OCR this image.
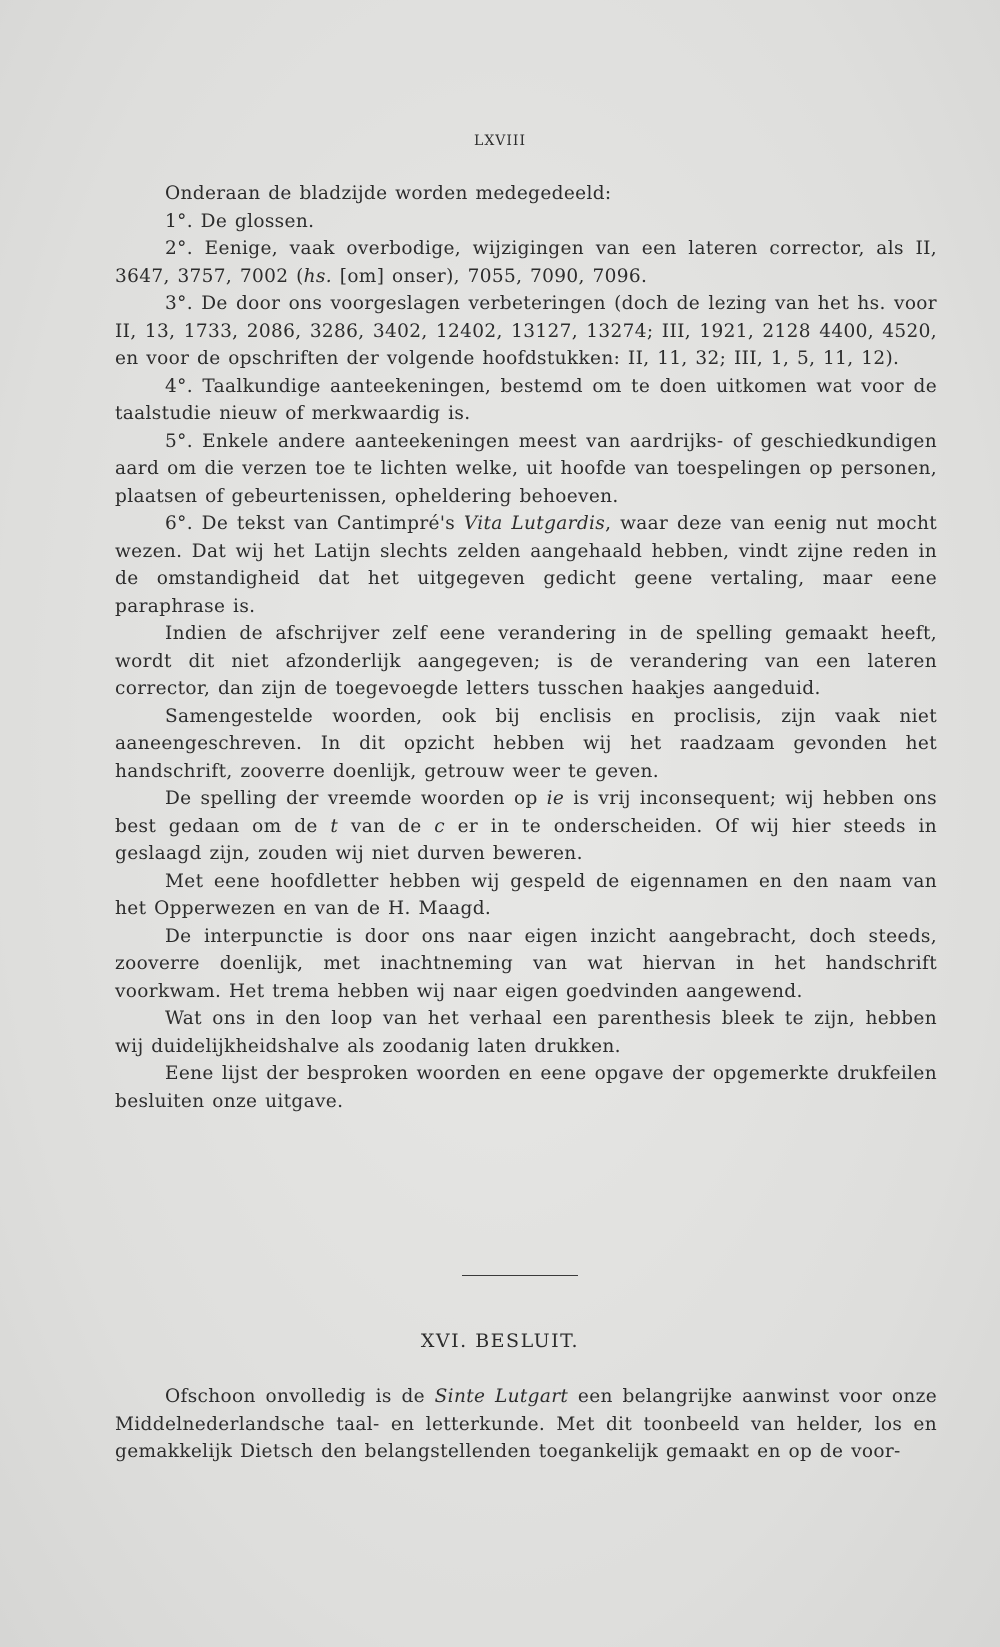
LXVIII

Onderaan de bladzijde worden medegedeeld:

1°. De glossen.

2°. Eenige, vaak overbodige, wijzigingen van een lateren corrector, als II, 3647, 3757, 7002 (hs. [om] onser), 7055, 7090, 7096.

3°. De door ons voorgeslagen verbeteringen (doch de lezing van het hs. voor II, 13, 1733, 2086, 3286, 3402, 12402, 13127, 13274; III, 1921, 2128 4400, 4520, en voor de opschriften der volgende hoofdstukken: II, 11, 32; III, 1, 5, 11, 12).

4°. Taalkundige aanteekeningen, bestemd om te doen uitkomen wat voor de taalstudie nieuw of merkwaardig is.

5°. Enkele andere aanteekeningen meest van aardrijks- of geschiedkundigen aard om die verzen toe te lichten welke, uit hoofde van toespelingen op personen, plaatsen of gebeurtenissen, opheldering behoeven.

6°. De tekst van Cantimpré's Vita Lutgardis, waar deze van eenig nut mocht wezen. Dat wij het Latijn slechts zelden aangehaald hebben, vindt zijne reden in de omstandigheid dat het uitgegeven gedicht geene vertaling, maar eene paraphrase is.

Indien de afschrijver zelf eene verandering in de spelling gemaakt heeft, wordt dit niet afzonderlijk aangegeven; is de verandering van een lateren corrector, dan zijn de toegevoegde letters tusschen haakjes aangeduid.

Samengestelde woorden, ook bij enclisis en proclisis, zijn vaak niet aaneengeschreven. In dit opzicht hebben wij het raadzaam gevonden het handschrift, zooverre doenlijk, getrouw weer te geven.

De spelling der vreemde woorden op ie is vrij inconsequent; wij hebben ons best gedaan om de t van de c er in te onderscheiden. Of wij hier steeds in geslaagd zijn, zouden wij niet durven beweren.

Met eene hoofdletter hebben wij gespeld de eigennamen en den naam van het Opperwezen en van de H. Maagd.

De interpunctie is door ons naar eigen inzicht aangebracht, doch steeds, zooverre doenlijk, met inachtneming van wat hiervan in het handschrift voorkwam. Het trema hebben wij naar eigen goedvinden aangewend.

Wat ons in den loop van het verhaal een parenthesis bleek te zijn, hebben wij duidelijkheidshalve als zoodanig laten drukken.

Eene lijst der besproken woorden en eene opgave der opgemerkte drukfeilen besluiten onze uitgave.

XVI. BESLUIT.

Ofschoon onvolledig is de Sinte Lutgart een belangrijke aanwinst voor onze Middelnederlandsche taal- en letterkunde. Met dit toonbeeld van helder, los en gemakkelijk Dietsch den belangstellenden toegankelijk gemaakt en op de voor-
